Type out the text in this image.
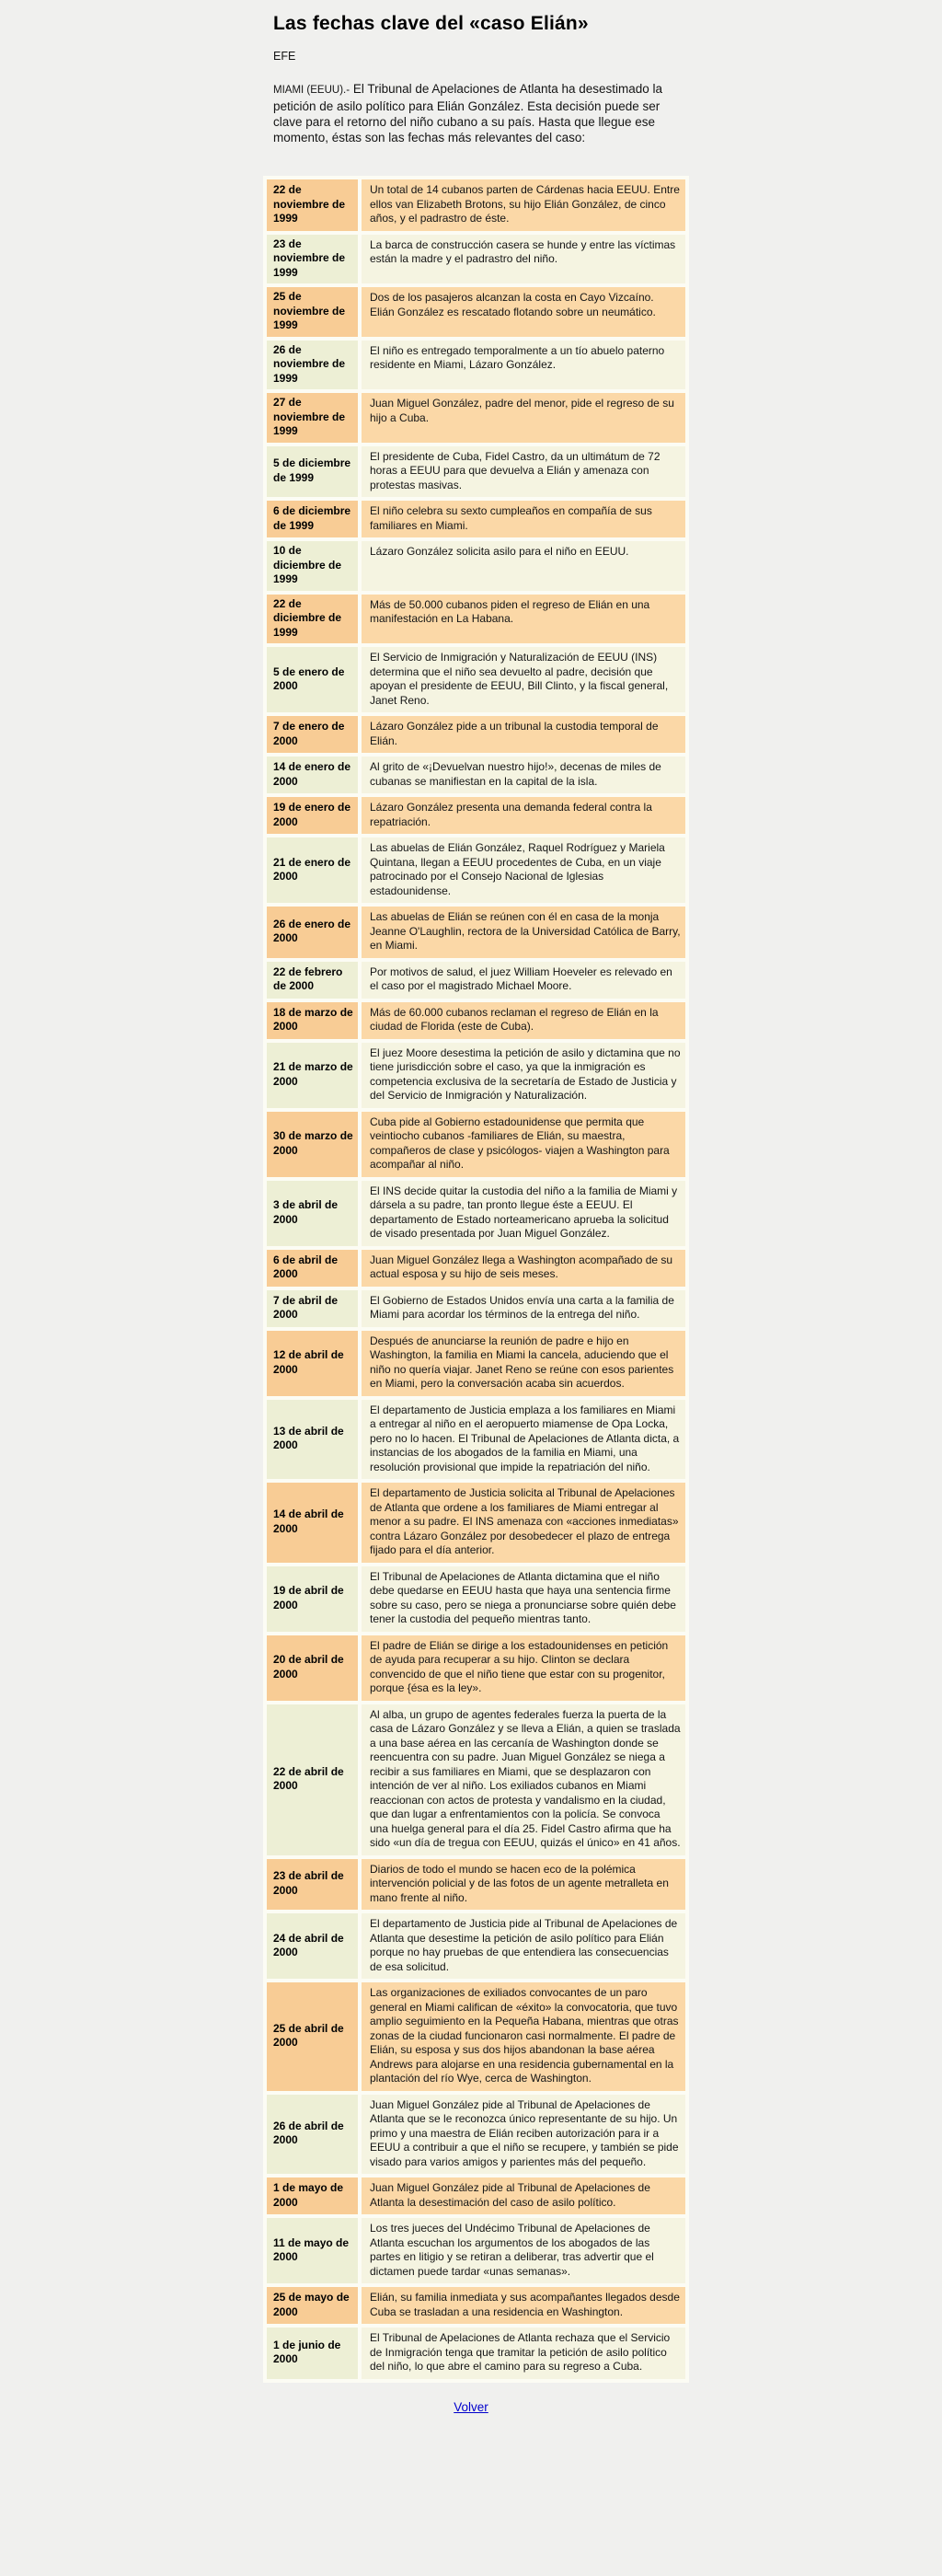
Las fechas clave del «caso Elián»
EFE

MIAMI (EEUU).- El Tribunal de Apelaciones de Atlanta ha desestimado la petición de asilo político para Elián González. Esta decisión puede ser clave para el retorno del niño cubano a su país. Hasta que llegue ese momento, éstas son las fechas más relevantes del caso:

22 de noviembre de 1999	Un total de 14 cubanos parten de Cárdenas hacia EEUU. Entre ellos van Elizabeth Brotons, su hijo Elián González, de cinco años, y el padrastro de éste.
23 de noviembre de 1999	La barca de construcción casera se hunde y entre las víctimas están la madre y el padrastro del niño.
25 de noviembre de 1999	Dos de los pasajeros alcanzan la costa en Cayo Vizcaíno. Elián González es rescatado flotando sobre un neumático.
26 de noviembre de 1999	El niño es entregado temporalmente a un tío abuelo paterno residente en Miami, Lázaro González.
27 de noviembre de 1999	Juan Miguel González, padre del menor, pide el regreso de su hijo a Cuba.
5 de diciembre de 1999	El presidente de Cuba, Fidel Castro, da un ultimátum de 72 horas a EEUU para que devuelva a Elián y amenaza con protestas masivas.
6 de diciembre de 1999	El niño celebra su sexto cumpleaños en compañía de sus familiares en Miami.
10 de diciembre de 1999	Lázaro González solicita asilo para el niño en EEUU.
22 de diciembre de 1999	Más de 50.000 cubanos piden el regreso de Elián en una manifestación en La Habana.
5 de enero de 2000	El Servicio de Inmigración y Naturalización de EEUU (INS) determina que el niño sea devuelto al padre, decisión que apoyan el presidente de EEUU, Bill Clinto, y la fiscal general, Janet Reno.
7 de enero de 2000	Lázaro González pide a un tribunal la custodia temporal de Elián.
14 de enero de 2000	Al grito de «¡Devuelvan nuestro hijo!», decenas de miles de cubanas se manifiestan en la capital de la isla.
19 de enero de 2000	Lázaro González presenta una demanda federal contra la repatriación.
21 de enero de 2000	Las abuelas de Elián González, Raquel Rodríguez y Mariela Quintana, llegan a EEUU procedentes de Cuba, en un viaje patrocinado por el Consejo Nacional de Iglesias estadounidense.
26 de enero de 2000	Las abuelas de Elián se reúnen con él en casa de la monja Jeanne O'Laughlin, rectora de la Universidad Católica de Barry, en Miami.
22 de febrero de 2000	Por motivos de salud, el juez William Hoeveler es relevado en el caso por el magistrado Michael Moore.
18 de marzo de 2000	Más de 60.000 cubanos reclaman el regreso de Elián en la ciudad de Florida (este de Cuba).
21 de marzo de 2000	El juez Moore desestima la petición de asilo y dictamina que no tiene jurisdicción sobre el caso, ya que la inmigración es competencia exclusiva de la secretaría de Estado de Justicia y del Servicio de Inmigración y Naturalización.
30 de marzo de 2000	Cuba pide al Gobierno estadounidense que permita que veintiocho cubanos -familiares de Elián, su maestra, compañeros de clase y psicólogos- viajen a Washington para acompañar al niño.
3 de abril de 2000	El INS decide quitar la custodia del niño a la familia de Miami y dársela a su padre, tan pronto llegue éste a EEUU. El departamento de Estado norteamericano aprueba la solicitud de visado presentada por Juan Miguel González.
6 de abril de 2000	Juan Miguel González llega a Washington acompañado de su actual esposa y su hijo de seis meses.
7 de abril de 2000	El Gobierno de Estados Unidos envía una carta a la familia de Miami para acordar los términos de la entrega del niño.
12 de abril de 2000	Después de anunciarse la reunión de padre e hijo en Washington, la familia en Miami la cancela, aduciendo que el niño no quería viajar. Janet Reno se reúne con esos parientes en Miami, pero la conversación acaba sin acuerdos.
13 de abril de 2000	El departamento de Justicia emplaza a los familiares en Miami a entregar al niño en el aeropuerto miamense de Opa Locka, pero no lo hacen. El Tribunal de Apelaciones de Atlanta dicta, a instancias de los abogados de la familia en Miami, una resolución provisional que impide la repatriación del niño.
14 de abril de 2000	El departamento de Justicia solicita al Tribunal de Apelaciones de Atlanta que ordene a los familiares de Miami entregar al menor a su padre. El INS amenaza con «acciones inmediatas» contra Lázaro González por desobedecer el plazo de entrega fijado para el día anterior.
19 de abril de 2000	El Tribunal de Apelaciones de Atlanta dictamina que el niño debe quedarse en EEUU hasta que haya una sentencia firme sobre su caso, pero se niega a pronunciarse sobre quién debe tener la custodia del pequeño mientras tanto.
20 de abril de 2000	El padre de Elián se dirige a los estadounidenses en petición de ayuda para recuperar a su hijo. Clinton se declara convencido de que el niño tiene que estar con su progenitor, porque {ésa es la ley».
22 de abril de 2000	Al alba, un grupo de agentes federales fuerza la puerta de la casa de Lázaro González y se lleva a Elián, a quien se traslada a una base aérea en las cercanía de Washington donde se reencuentra con su padre. Juan Miguel González se niega a recibir a sus familiares en Miami, que se desplazaron con intención de ver al niño. Los exiliados cubanos en Miami reaccionan con actos de protesta y vandalismo en la ciudad, que dan lugar a enfrentamientos con la policía. Se convoca una huelga general para el día 25. Fidel Castro afirma que ha sido «un día de tregua con EEUU, quizás el único» en 41 años.
23 de abril de 2000	Diarios de todo el mundo se hacen eco de la polémica intervención policial y de las fotos de un agente metralleta en mano frente al niño.
24 de abril de 2000	El departamento de Justicia pide al Tribunal de Apelaciones de Atlanta que desestime la petición de asilo político para Elián porque no hay pruebas de que entendiera las consecuencias de esa solicitud.
25 de abril de 2000	Las organizaciones de exiliados convocantes de un paro general en Miami califican de «éxito» la convocatoria, que tuvo amplio seguimiento en la Pequeña Habana, mientras que otras zonas de la ciudad funcionaron casi normalmente. El padre de Elián, su esposa y sus dos hijos abandonan la base aérea Andrews para alojarse en una residencia gubernamental en la plantación del río Wye, cerca de Washington.
26 de abril de 2000	Juan Miguel González pide al Tribunal de Apelaciones de Atlanta que se le reconozca único representante de su hijo. Un primo y una maestra de Elián reciben autorización para ir a EEUU a contribuir a que el niño se recupere, y también se pide visado para varios amigos y parientes más del pequeño.
1 de mayo de 2000	Juan Miguel González pide al Tribunal de Apelaciones de Atlanta la desestimación del caso de asilo político.
11 de mayo de 2000	Los tres jueces del Undécimo Tribunal de Apelaciones de Atlanta escuchan los argumentos de los abogados de las partes en litigio y se retiran a deliberar, tras advertir que el dictamen puede tardar «unas semanas».
25 de mayo de 2000	Elián, su familia inmediata y sus acompañantes llegados desde Cuba se trasladan a una residencia en Washington.
1 de junio de 2000	El Tribunal de Apelaciones de Atlanta rechaza que el Servicio de Inmigración tenga que tramitar la petición de asilo político del niño, lo que abre el camino para su regreso a Cuba.
Volver
